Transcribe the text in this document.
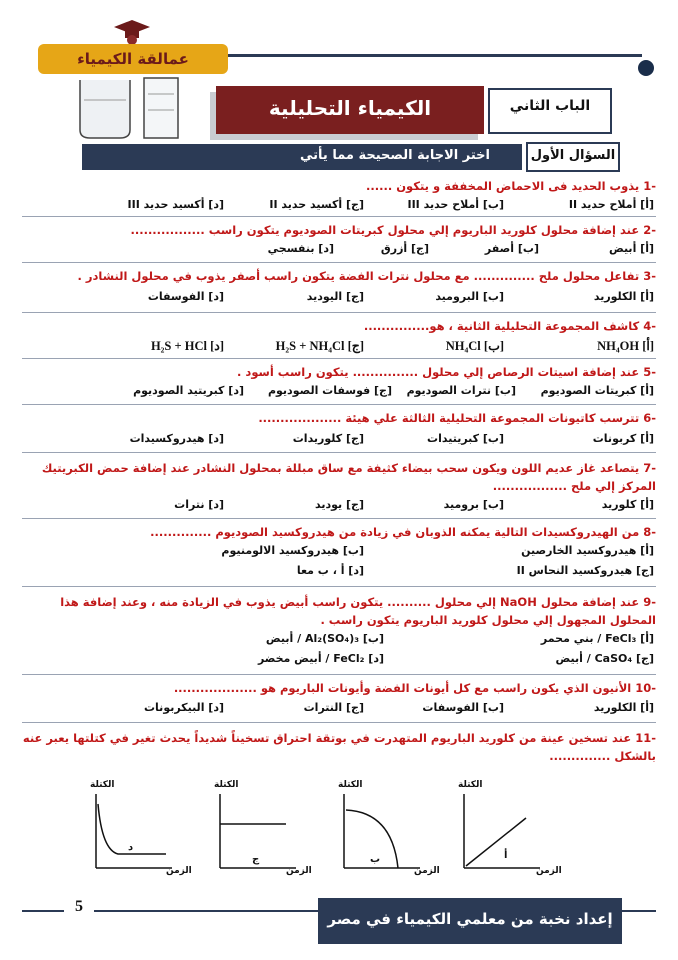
عمالقة الكيمياء
الباب الثاني
الكيمياء التحليلية
اختر الاجابة الصحيحة مما يأتي	السؤال الأول
-1يذوب الحديد فى الاحماض المخففة و يتكون ......
[أ] أملاح حديد II
[ب] أملاح حديد III
[ج] أكسيد حديد II
[د] أكسيد حديد III
-2عند إضافة محلول كلوريد الباريوم إلي محلول كبريتات الصوديوم يتكون راسب .................
[أ] أبيض
[ب] أصفر
[ج] أزرق
[د] بنفسجي
-3تفاعل محلول ملح .............. مع محلول نترات الفضة يتكون راسب أصفر يذوب في محلول النشادر .
[أ] الكلوريد
[ب] البروميد
[ج] اليوديد
[د] الفوسفات
-4كاشف المجموعة التحليلية الثانية ، هو...............
[أ] NH₄OH
[ب] NH₄Cl
[ج] H₂S + NH₄Cl
[د] H₂S + HCl
-5عند إضافة اسيتات الرصاص إلي محلول ............... يتكون راسب أسود .
[أ] كبريتات الصوديوم
[ب] نترات الصوديوم
[ج] فوسفات الصوديوم
[د] كبريتيد الصوديوم
-6تترسب كاتيونات المجموعة التحليلية الثالثة علي هيئة ...................
[أ] كربونات
[ب] كبريتيدات
[ج] كلوريدات
[د] هيدروكسيدات
-7يتصاعد غاز عديم اللون ويكون سحب بيضاء كثيفة مع ساق مبللة بمحلول النشادر عند إضافة حمض الكبريتيك المركز إلي ملح .................
[أ] كلوريد
[ب] بروميد
[ج] يوديد
[د] نترات
-8من الهيدروكسيدات التالية يمكنه الذوبان في زيادة من هيدروكسيد الصوديوم ..............
[أ] هيدروكسيد الخارصين
[ب] هيدروكسيد الالومنيوم
[ج] هيدروكسيد النحاس II
[د] أ ، ب معا
-9عند إضافة محلول NaOH إلي محلول .......... يتكون راسب أبيض يذوب في الزيادة منه ، وعند إضافة هذا المحلول المجهول إلي محلول كلوريد الباريوم يتكون راسب .
[أ] FeCl₃ / بني محمر
[ب] Al₂(SO₄)₃ / أبيض
[ج] CaSO₄ / أبيض
[د] FeCl₂ / أبيض مخضر
-10الأنيون الذي يكون راسب مع كل أيونات الفضة وأيونات الباريوم هو ...................
[أ] الكلوريد
[ب] الفوسفات
[ج] النترات
[د] البيكربونات
-11عند تسخين عينة من كلوريد الباريوم المتهدرت في بوتقة احتراق تسخيناً شديداً يحدث تغير في كتلتها يعبر عنه بالشكل ..............
الكتلة
أ
الزمن
الكتلة
ب
الزمن
الكتلة
ج
الزمن
الكتلة
د
الزمن
5
إعداد نخبة من معلمي الكيمياء في مصر
